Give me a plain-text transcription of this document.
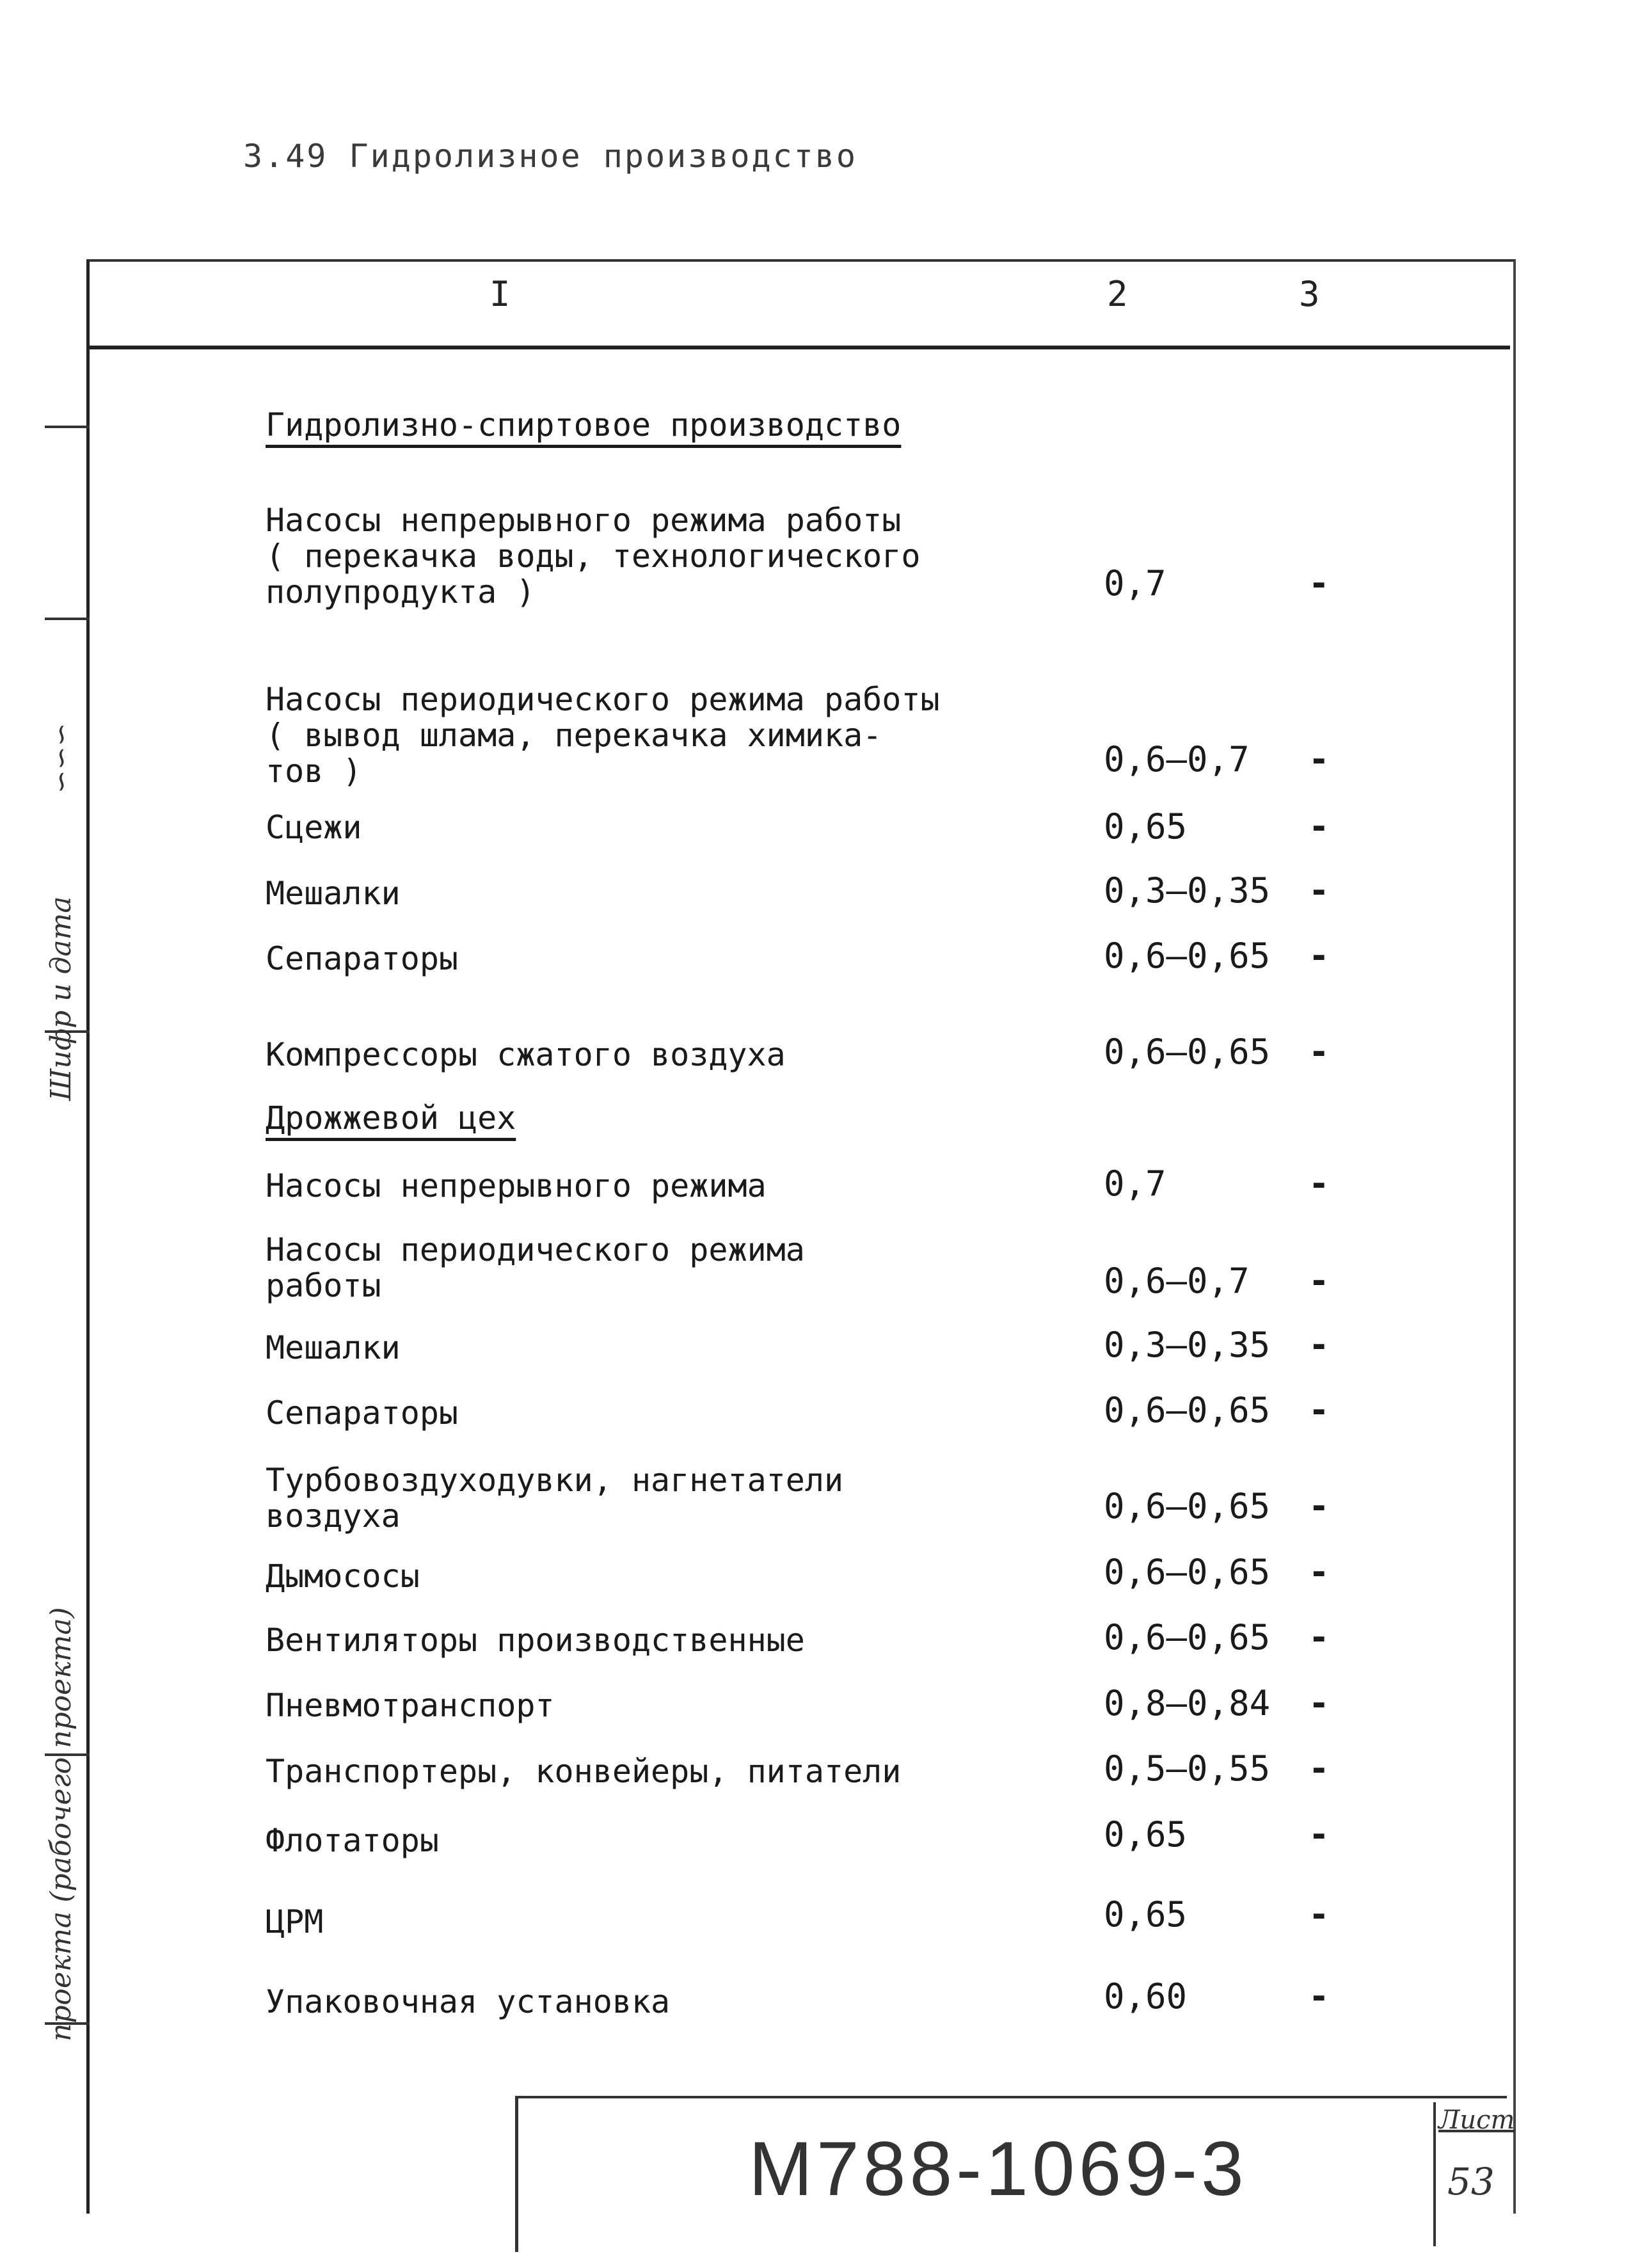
3.49 Гидролизное производство
I	2	3
Гидролизно-спиртовое производство
Насосы непрерывного режима работы
( перекачка воды, технологического
полупродукта )	0,7	-
Насосы периодического режима работы
( вывод шлама, перекачка химика-
тов )	0,6–0,7 -
Сцежи	0,65	-
Мешалки	0,3–0,35 -
Сепараторы	0,6–0,65 -
Компрессоры сжатого воздуха	0,6–0,65 -
Дрожжевой цех
Насосы непрерывного режима	0,7	-
Насосы периодического режима
работы	0,6–0,7 -
Мешалки	0,3–0,35 -
Сепараторы	0,6–0,65 -
Турбовоздуходувки, нагнетатели
воздуха	0,6–0,65 -
Дымососы	0,6–0,65 -
Вентиляторы производственные	0,6–0,65 -
Пневмотранспорт	0,8–0,84 -
Транспортеры, конвейеры, питатели	0,5–0,55 -
Флотаторы	0,65	-
ЦРМ	0,65	-
Упаковочная установка	0,60	-
∽∽∽
Шифр и дата
проекта (рабочего проекта)
М788-1069-3
Лист
53
